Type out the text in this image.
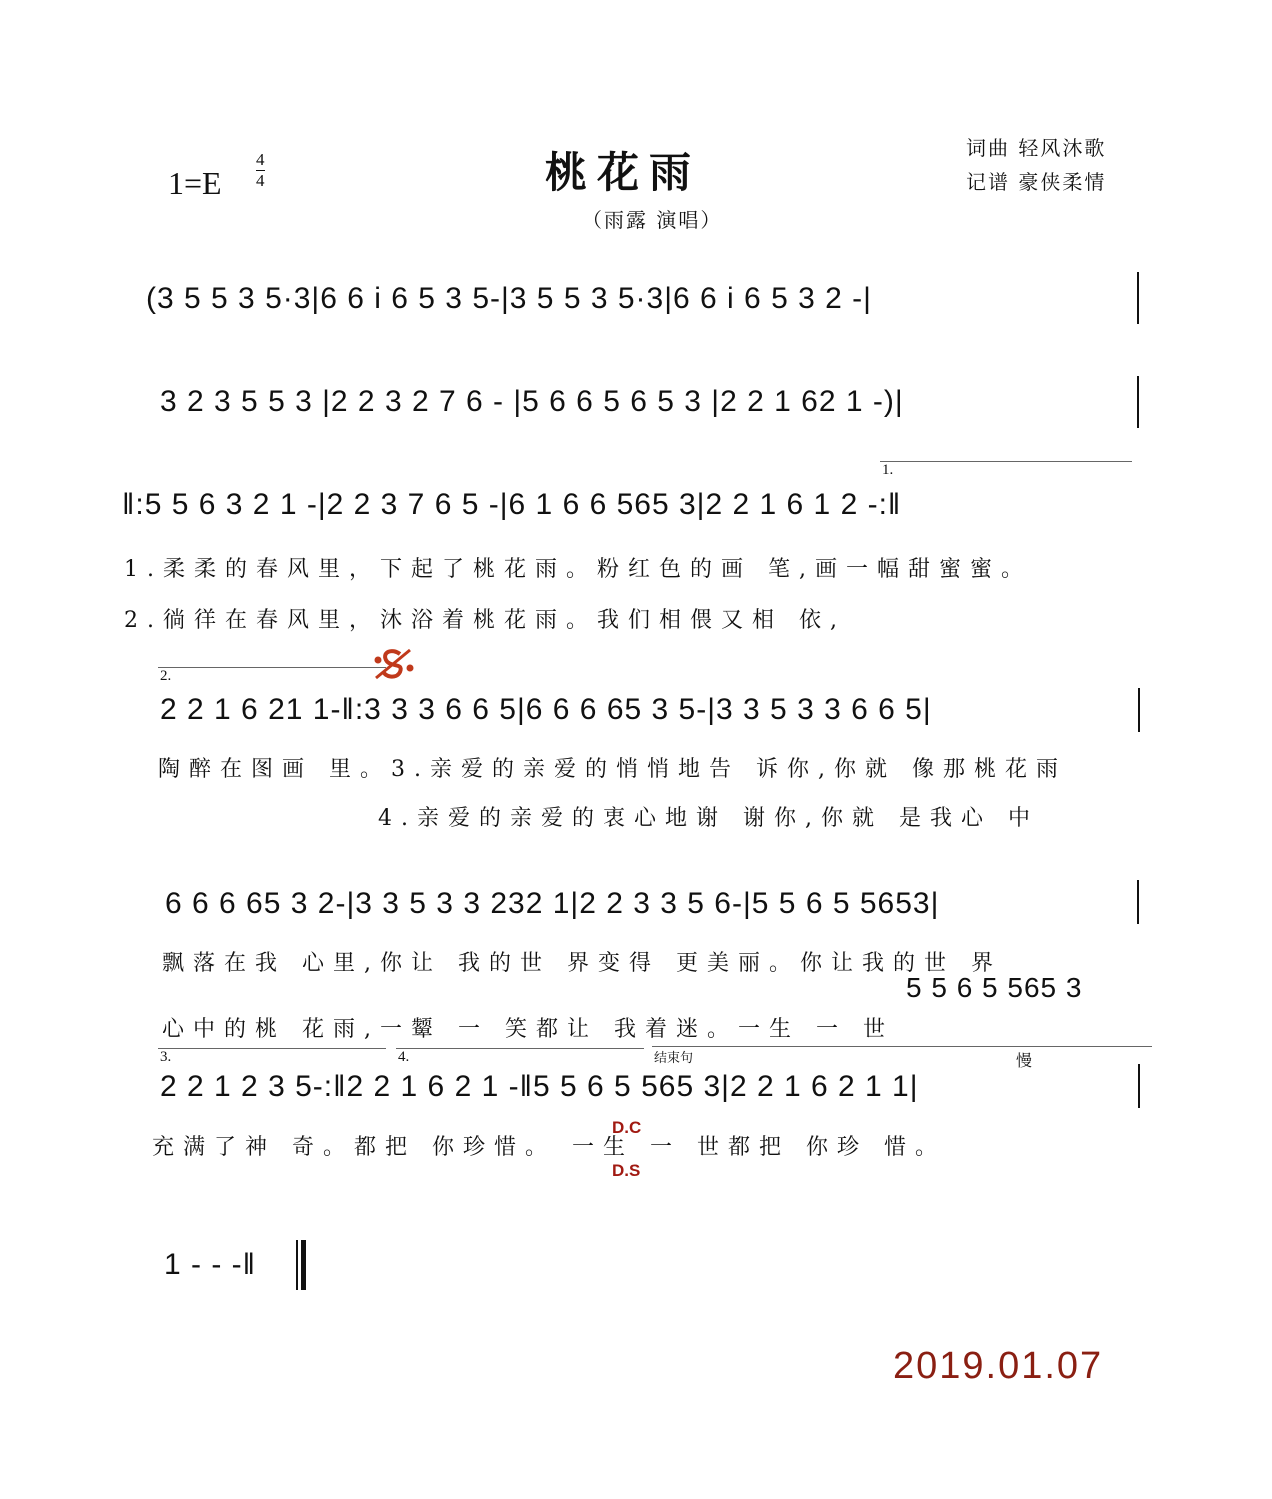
1=E
4
4	桃花雨
（雨露 演唱）
词曲 轻风沐歌
记谱 豪侠柔情
(3 5 5 3 5·3|6 6 i 6 5 3 5-|3 5 5 3 5·3|6 6 i 6 5 3 2 -|
3 2 3 5 5 3 |2 2 3 2 7 6 - |5 6 6 5 6 5 3 |2 2 1 62 1 -)|
1.
‖:5 5 6 3 2 1 -|2 2 3 7 6 5 -|6 1 6 6 565 3|2 2 1 6 1 2 -:‖
1.柔柔的春风里，下起了桃花雨。粉红色的画 笔,画一幅甜蜜蜜。
2.徜徉在春风里，沐浴着桃花雨。我们相偎又相 依,
2.
2 2 1 6 21 1-‖:3 3 3 6 6 5|6 6 6 65 3 5-|3 3 5 3 3 6 6 5|
陶醉在图画 里。3.亲爱的亲爱的悄悄地告 诉你,你就 像那桃花雨
4.亲爱的亲爱的衷心地谢 谢你,你就 是我心 中
6 6 6 65 3 2-|3 3 5 3 3 232 1|2 2 3 3 5 6-|5 5 6 5 5653|
飘落在我 心里,你让 我的世 界变得 更美丽。你让我的世 界
5 5 6 5 565 3
心中的桃 花雨,一颦 一 笑都让 我着迷。一生 一 世
3.	4.	结束句	慢
2 2 1 2 3 5-:‖2 2 1 6 2 1 -‖5 5 6 5 565 3|2 2 1 6 2 1 1|
充满了神 奇。都把 你珍惜。 一生 一 世都把 你珍 惜。
D.C
D.S
1 - - -‖
2019.01.07
